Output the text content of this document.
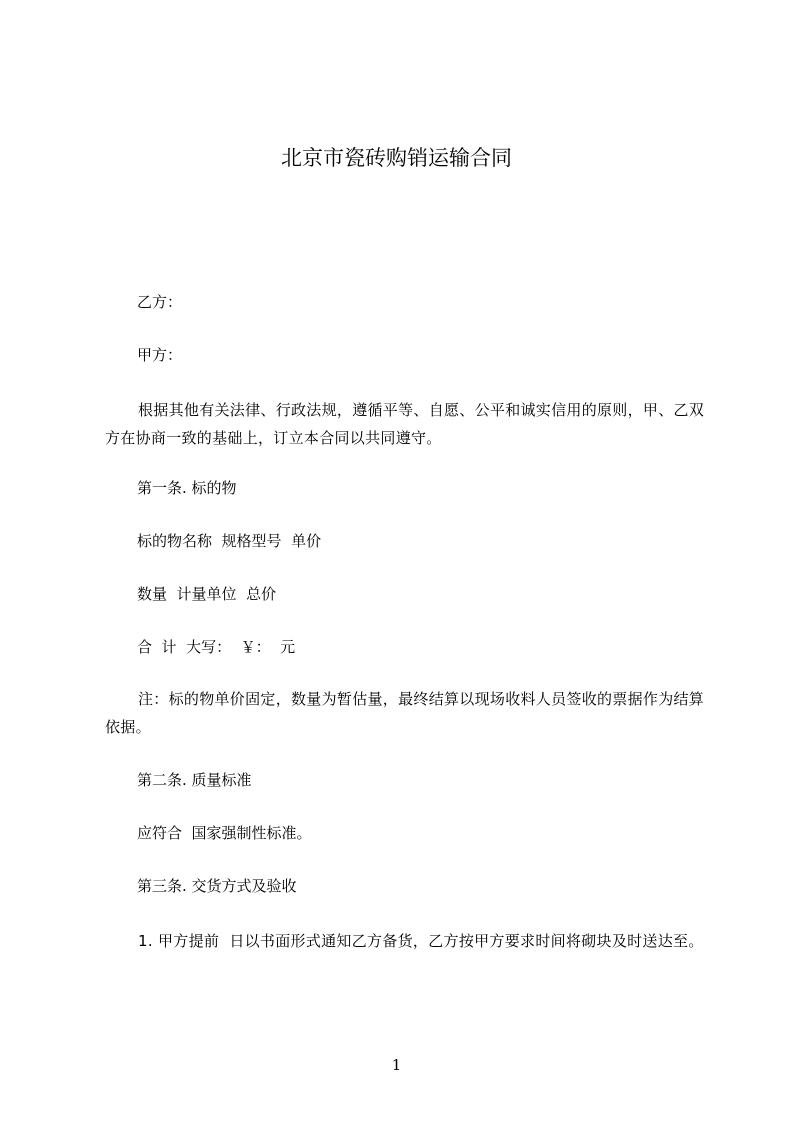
北京市瓷砖购销运输合同
乙方：
甲方：
根据其他有关法律、行政法规，遵循平等、自愿、公平和诚实信用的原则，甲、乙双方在协商一致的基础上，订立本合同以共同遵守。
第一条. 标的物
标的物名称  规格型号  单价
数量  计量单位  总价
合  计  大写：  ￥：  元
注：标的物单价固定，数量为暂估量，最终结算以现场收料人员签收的票据作为结算依据。
第二条. 质量标准
应符合  国家强制性标准。
第三条. 交货方式及验收
1. 甲方提前  日以书面形式通知乙方备货，乙方按甲方要求时间将砌块及时送达至。
1
